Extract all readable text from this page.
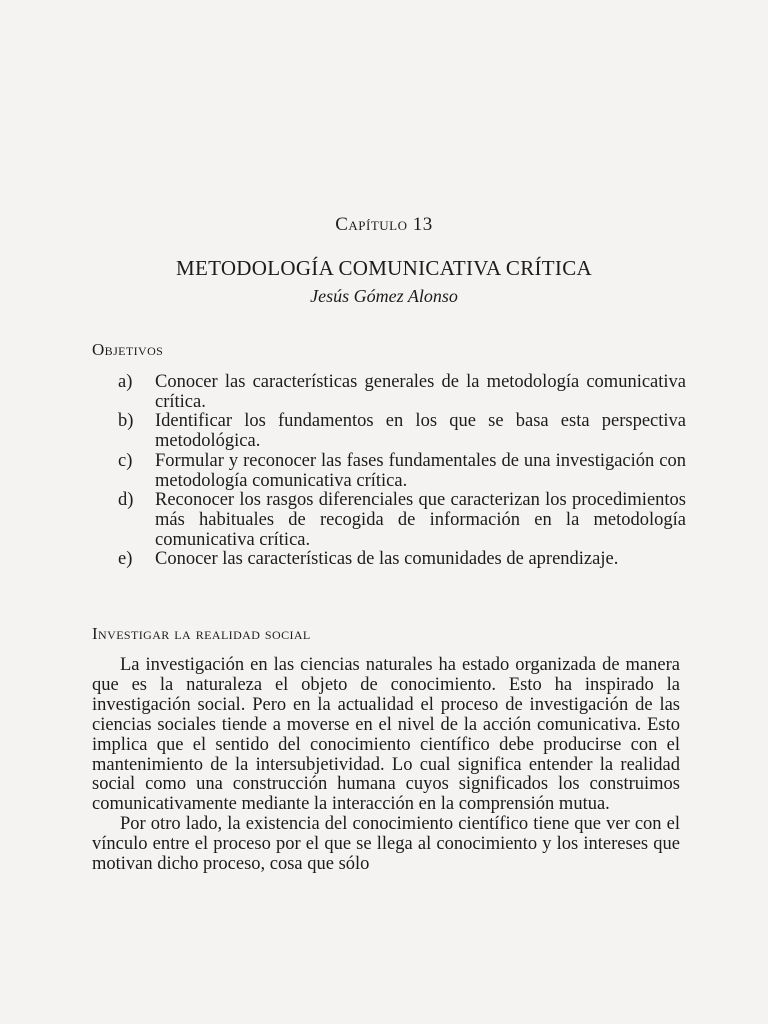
Capítulo 13
METODOLOGÍA COMUNICATIVA CRÍTICA
Jesús Gómez Alonso
Objetivos
a)	Conocer las características generales de la metodología comunicativa crítica.
b)	Identificar los fundamentos en los que se basa esta perspectiva metodológica.
c)	Formular y reconocer las fases fundamentales de una investigación con metodología comunicativa crítica.
d)	Reconocer los rasgos diferenciales que caracterizan los procedimientos más habituales de recogida de información en la metodología comunicativa crítica.
e)	Conocer las características de las comunidades de aprendizaje.
Investigar la realidad social

La investigación en las ciencias naturales ha estado organizada de manera que es la naturaleza el objeto de conocimiento. Esto ha inspirado la investigación social. Pero en la actualidad el proceso de investigación de las ciencias sociales tiende a moverse en el nivel de la acción comunicativa. Esto implica que el sentido del conocimiento científico debe producirse con el mantenimiento de la intersubjetividad. Lo cual significa entender la realidad social como una construcción humana cuyos significados los construimos comunicativamente mediante la interacción en la comprensión mutua.

Por otro lado, la existencia del conocimiento científico tiene que ver con el vínculo entre el proceso por el que se llega al conocimiento y los intereses que motivan dicho proceso, cosa que sólo
